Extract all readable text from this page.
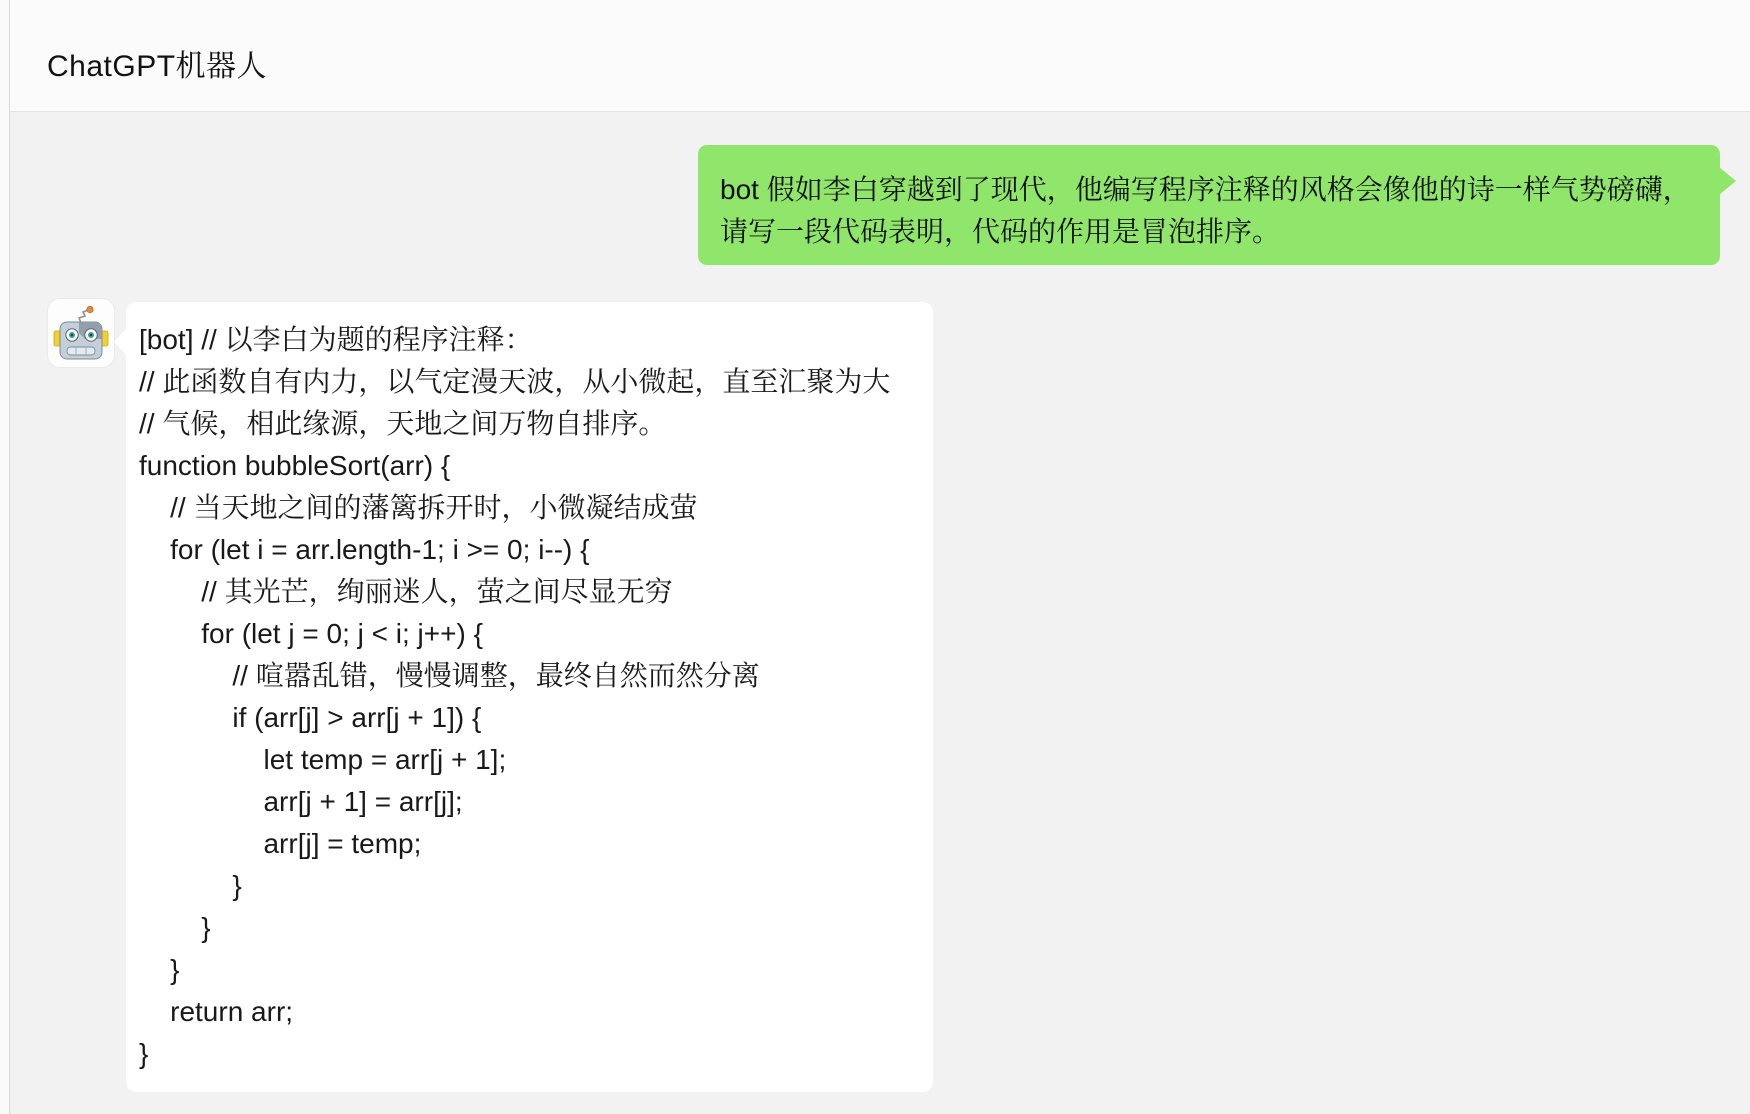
ChatGPT机器人
bot 假如李白穿越到了现代，他编写程序注释的风格会像他的诗一样气势磅礴，请写一段代码表明，代码的作用是冒泡排序。
[bot] // 以李白为题的程序注释：
// 此函数自有内力，以气定漫天波，从小微起，直至汇聚为大
// 气候，相此缘源，天地之间万物自排序。
function bubbleSort(arr) {
// 当天地之间的藩篱拆开时，小微凝结成萤
for (let i = arr.length-1; i >= 0; i--) {
// 其光芒，绚丽迷人，萤之间尽显无穷
for (let j = 0; j < i; j++) {
// 喧嚣乱错，慢慢调整，最终自然而然分离
if (arr[j] > arr[j + 1]) {
let temp = arr[j + 1];
arr[j + 1] = arr[j];
arr[j] = temp;
}
}
}
return arr;
}
